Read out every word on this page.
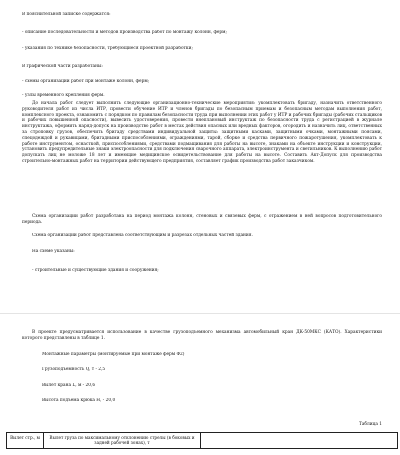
В пояснительной записке содержатся:
- описание последовательности и методов производства работ по монтажу колонн, ферм;
- указания по технике безопасности, требующиеся проектной разработки;
В графической части разработаны:
- схемы организации работ при монтаже колонн, ферм;
- узлы временного крепления ферм.
До начала работ следует выполнить следующие организационно-технические мероприятия: укомплектовать бригаду, назначить ответственного руководителя работ из числа ИТР, провести обучение ИТР и членов бригады по безопасным приемам и безопасным методам выполнения работ, комплексного проекта, ознакомить с порядком по правилам безопасности труда при выполнении этих работ у ИТР и рабочих бригады (рабочих стальщиков и рабочих повышенной опасности), вывесить удостоверения, провести внеплановый инструктаж по безопасности труда с регистрацией в журнале инструктажа, оформить наряд-допуск на производство работ в местах действия опасных или вредных факторов, огородить и назначить лиц, ответственных за строповку грузов, обеспечить бригаду средствами индивидуальной защиты: защитными касками, защитными очками, монтажными поясами, спецодеждой и рукавицами, бригадными приспособлениями, ограждениями, тарой, сборке и средства первичного пожаротушения, укомплектовать к работе инструментом, оснасткой, приспособлениями, средствами подмащивания для работы на высоте, знаками на объекте инструкции и конструкции, установить предупредительные знаки электроопасности для подключения сварочного аппарата, электроинструмента и светильников. К выполнению работ допускать лиц не моложе 18 лет и имеющие медицинское освидетельствование для работы на высоте. Составить Акт-Допуск для производства строительно-монтажных работ на территории действующего предприятия, составляет график производства работ заказчиком.
Схема организации работ разработана на период монтажа колонн, стеновых и связевых ферм, с отражением в ней вопросов подготовительного периода.
Схема организации работ представлена соответствующим и разрезах отдельных частей здания.
На схеме указаны:
- строительные и существующие здания и сооружения;
В проекте предусматривается использование в качестве грузоподъемного механизма автомобильный кран ДК-50МКС (КАТО). Характеристики которого представлены в таблице 1.
Монтажные параметры (монтируемые при монтаже ферм Ф2)
Грузоподъемность Q, т - 2,5
Вылет крана L, м - 20,6
Высота подъема крюка H, - 20,0
Таблица 1
Вылет стр., м	Вылет груза по максимальному отклонению стрелы (в боковых и задней рабочей зонах), т	
